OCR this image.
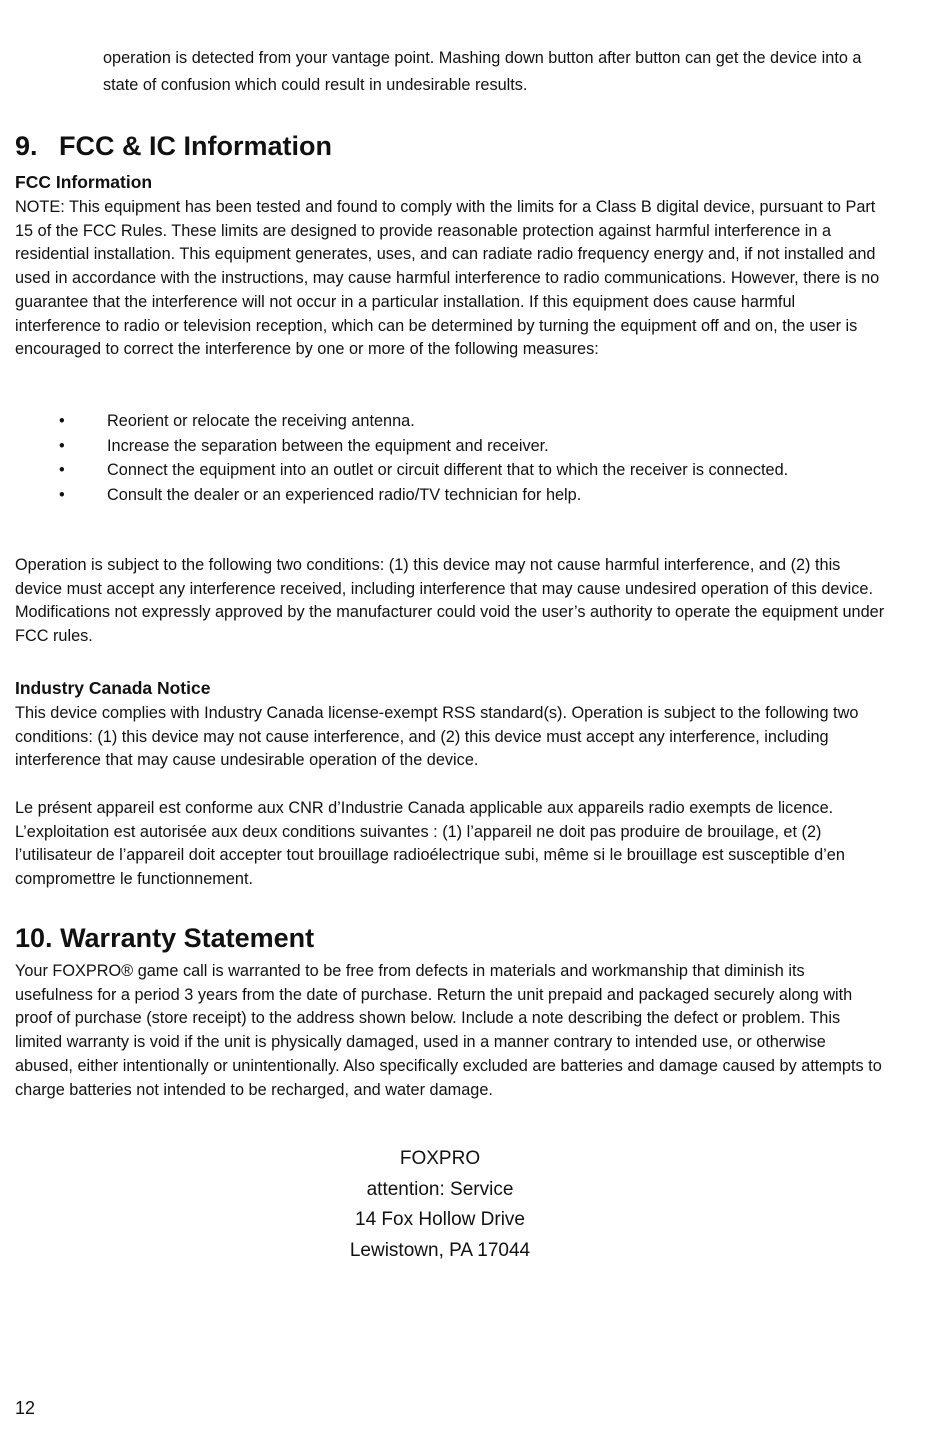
operation is detected from your vantage point. Mashing down button after button can get the device into a state of confusion which could result in undesirable results.

9. FCC & IC Information
FCC Information

NOTE: This equipment has been tested and found to comply with the limits for a Class B digital device, pursuant to Part 15 of the FCC Rules. These limits are designed to provide reasonable protection against harmful interference in a residential installation. This equipment generates, uses, and can radiate radio frequency energy and, if not installed and used in accordance with the instructions, may cause harmful interference to radio communications. However, there is no guarantee that the interference will not occur in a particular installation. If this equipment does cause harmful interference to radio or television reception, which can be determined by turning the equipment off and on, the user is encouraged to correct the interference by one or more of the following measures:

•	Reorient or relocate the receiving antenna.
•	Increase the separation between the equipment and receiver.
•	Connect the equipment into an outlet or circuit different that to which the receiver is connected.
•	Consult the dealer or an experienced radio/TV technician for help.

Operation is subject to the following two conditions: (1) this device may not cause harmful interference, and (2) this device must accept any interference received, including interference that may cause undesired operation of this device. Modifications not expressly approved by the manufacturer could void the user’s authority to operate the equipment under FCC rules.

Industry Canada Notice

This device complies with Industry Canada license-exempt RSS standard(s). Operation is subject to the following two conditions: (1) this device may not cause interference, and (2) this device must accept any interference, including interference that may cause undesirable operation of the device.

Le présent appareil est conforme aux CNR d’Industrie Canada applicable aux appareils radio exempts de licence. L’exploitation est autorisée aux deux conditions suivantes : (1) l’appareil ne doit pas produire de brouilage, et (2) l’utilisateur de l’appareil doit accepter tout brouillage radioélectrique subi, même si le brouillage est susceptible d’en compromettre le functionnement.

10. Warranty Statement

Your FOXPRO® game call is warranted to be free from defects in materials and workmanship that diminish its usefulness for a period 3 years from the date of purchase. Return the unit prepaid and packaged securely along with proof of purchase (store receipt) to the address shown below. Include a note describing the defect or problem. This limited warranty is void if the unit is physically damaged, used in a manner contrary to intended use, or otherwise abused, either intentionally or unintentionally. Also specifically excluded are batteries and damage caused by attempts to charge batteries not intended to be recharged, and water damage.

FOXPRO
attention: Service
14 Fox Hollow Drive
Lewistown, PA 17044
12
